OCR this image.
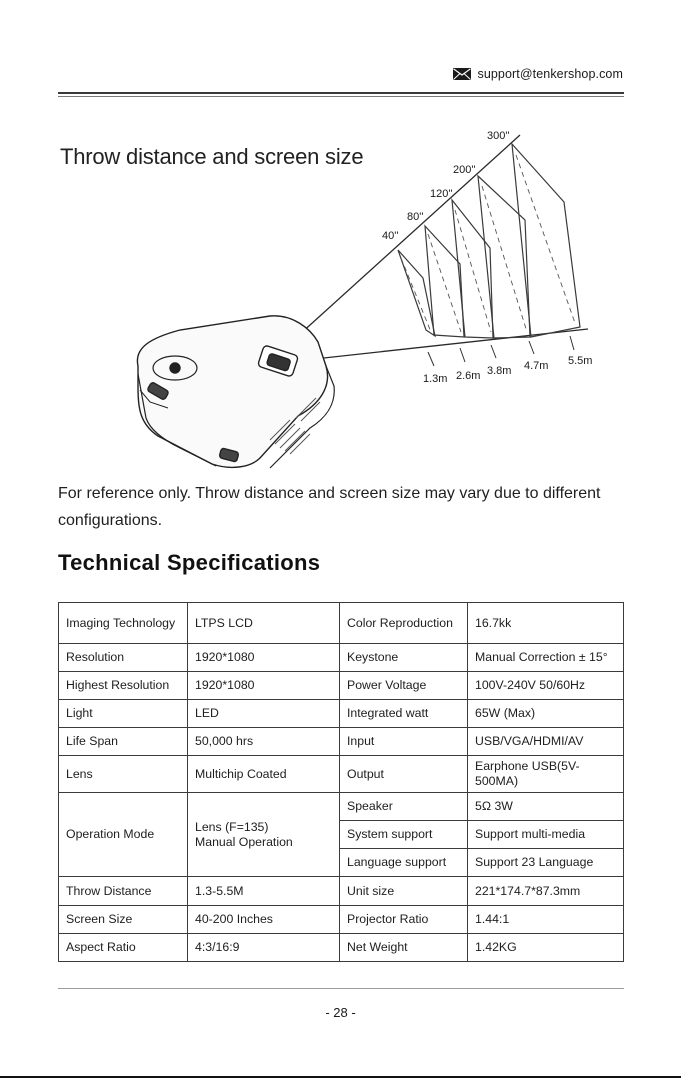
support@tenkershop.com
Throw distance and screen size
40''
80''
120''
200''
300''
1.3m 2.6m 3.8m 4.7m 5.5m
For reference only. Throw distance and screen size may vary due to different configurations.
Technical Specifications
Imaging Technology	LTPS LCD	Color Reproduction	16.7kk
Resolution	1920*1080	Keystone	Manual Correction ± 15°
Highest Resolution	1920*1080	Power Voltage	100V-240V 50/60Hz
Light	LED	Integrated watt	65W (Max)
Life Span	50,000 hrs	Input	USB/VGA/HDMI/AV
Lens	Multichip Coated	Output	Earphone USB(5V-500MA)
Operation Mode	Lens (F=135) Manual Operation	Speaker	5Ω 3W
		System support	Support multi-media
		Language support	Support 23 Language
Throw Distance	1.3-5.5M	Unit size	221*174.7*87.3mm
Screen Size	40-200 Inches	Projector Ratio	1.44:1
Aspect Ratio	4:3/16:9	Net Weight	1.42KG
- 28 -
